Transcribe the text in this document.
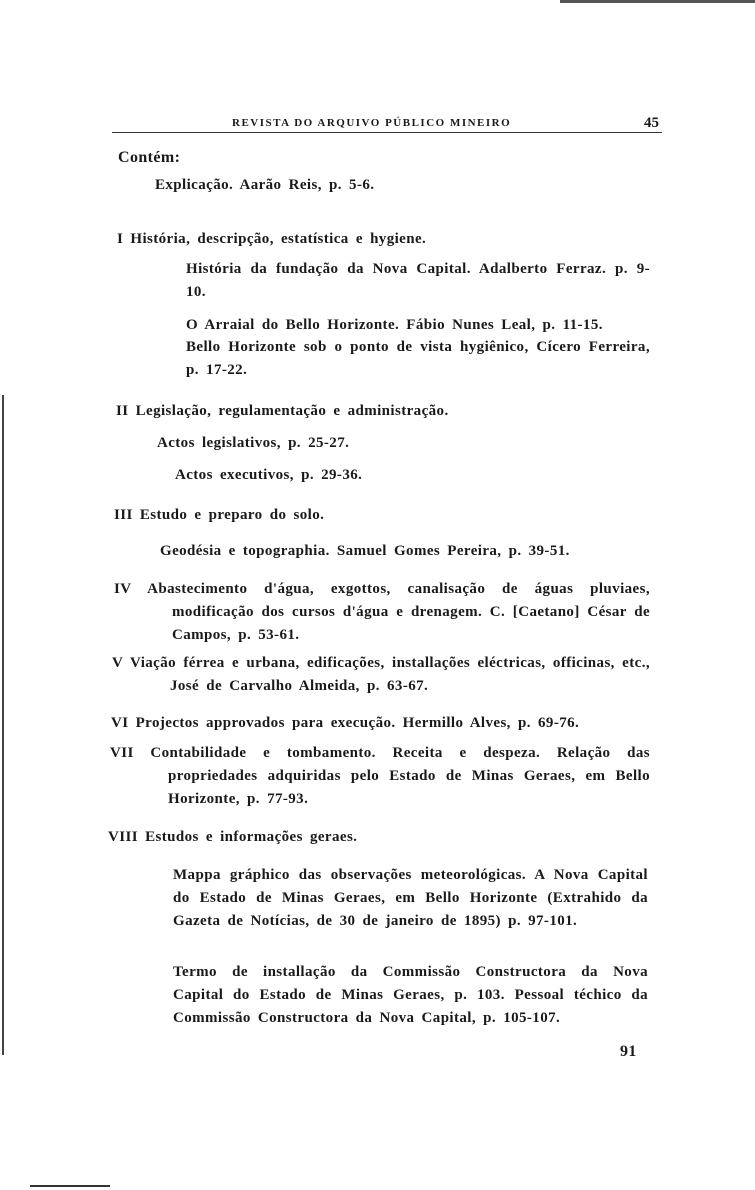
REVISTA DO ARQUIVO PÚBLICO MINEIRO	45
Contém:
Explicação. Aarão Reis, p. 5-6.
I História, descripção, estatística e hygiene.
História da fundação da Nova Capital. Adalberto Ferraz. p. 9-10.
O Arraial do Bello Horizonte. Fábio Nunes Leal, p. 11-15.
Bello Horizonte sob o ponto de vista hygiênico, Cícero Ferreira, p. 17-22.
II Legislação, regulamentação e administração.
Actos legislativos, p. 25-27.
Actos executivos, p. 29-36.
III Estudo e preparo do solo.
Geodésia e topographia. Samuel Gomes Pereira, p. 39-51.
IV Abastecimento d'água, exgottos, canalisação de águas pluviaes, modificação dos cursos d'água e drenagem. C. [Caetano] César de Campos, p. 53-61.
V Viação férrea e urbana, edificações, installações eléctricas, officinas, etc., José de Carvalho Almeida, p. 63-67.
VI Projectos approvados para execução. Hermillo Alves, p. 69-76.
VII Contabilidade e tombamento. Receita e despeza. Relação das propriedades adquiridas pelo Estado de Minas Geraes, em Bello Horizonte, p. 77-93.
VIII Estudos e informações geraes.
Mappa gráphico das observações meteorológicas. A Nova Capital do Estado de Minas Geraes, em Bello Horizonte (Extrahido da Gazeta de Notícias, de 30 de janeiro de 1895) p. 97-101.
Termo de installação da Commissão Constructora da Nova Capital do Estado de Minas Geraes, p. 103. Pessoal téchico da Commissão Constructora da Nova Capital, p. 105-107.
91
